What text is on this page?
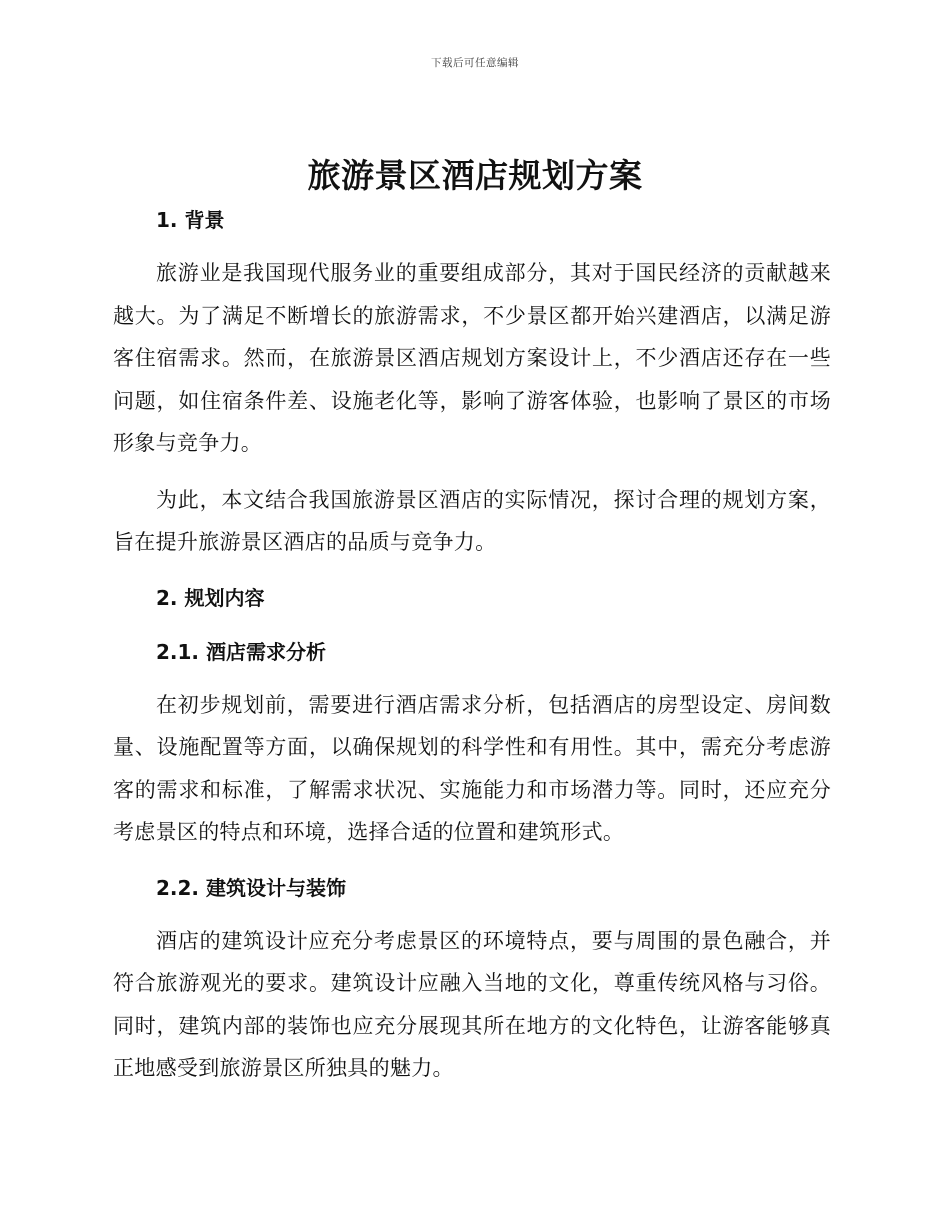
下载后可任意编辑
旅游景区酒店规划方案
1. 背景

旅游业是我国现代服务业的重要组成部分，其对于国民经济的贡献越来越大。为了满足不断增长的旅游需求，不少景区都开始兴建酒店，以满足游客住宿需求。然而，在旅游景区酒店规划方案设计上，不少酒店还存在一些问题，如住宿条件差、设施老化等，影响了游客体验，也影响了景区的市场形象与竞争力。

为此，本文结合我国旅游景区酒店的实际情况，探讨合理的规划方案，旨在提升旅游景区酒店的品质与竞争力。

2. 规划内容
2.1. 酒店需求分析

在初步规划前，需要进行酒店需求分析，包括酒店的房型设定、房间数量、设施配置等方面，以确保规划的科学性和有用性。其中，需充分考虑游客的需求和标准，了解需求状况、实施能力和市场潜力等。同时，还应充分考虑景区的特点和环境，选择合适的位置和建筑形式。

2.2. 建筑设计与装饰

酒店的建筑设计应充分考虑景区的环境特点，要与周围的景色融合，并符合旅游观光的要求。建筑设计应融入当地的文化，尊重传统风格与习俗。同时，建筑内部的装饰也应充分展现其所在地方的文化特色，让游客能够真正地感受到旅游景区所独具的魅力。
